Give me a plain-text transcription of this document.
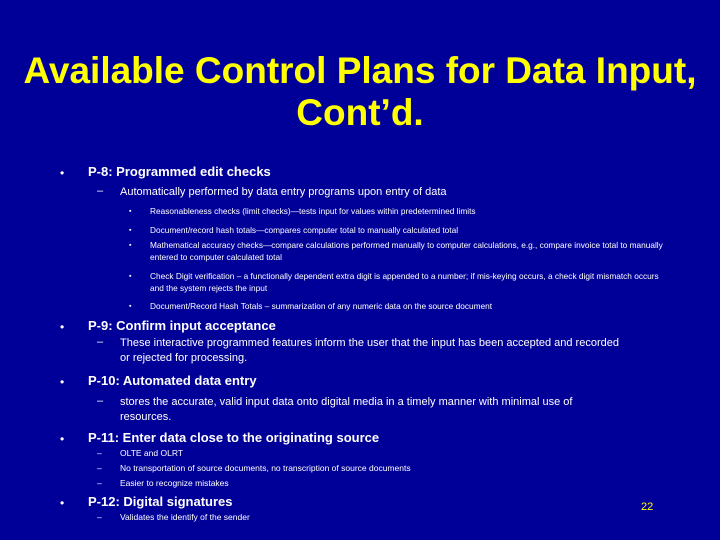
Available Control Plans for Data Input, Cont’d.
• P-8: Programmed edit checks
– Automatically performed by data entry programs upon entry of data
▪ Reasonableness checks (limit checks)—tests input for values within predetermined limits
▪ Document/record hash totals—compares computer total to manually calculated total
▪ Mathematical accuracy checks—compare calculations performed manually to computer calculations, e.g., compare invoice total to manually entered to computer calculated total
▪ Check Digit verification – a functionally dependent extra digit is appended to a number; if mis-keying occurs, a check digit mismatch occurs and the system rejects the input
▪ Document/Record Hash Totals – summarization of any numeric data on the source document
• P-9: Confirm input acceptance
– These interactive programmed features inform the user that the input has been accepted and recorded or rejected for processing.
• P-10: Automated data entry
– stores the accurate, valid input data onto digital media in a timely manner with minimal use of resources.
• P-11: Enter data close to the originating source
– OLTE and OLRT
– No transportation of source documents, no transcription of source documents
– Easier to recognize mistakes
• P-12: Digital signatures
– Validates the identify of the sender
22
